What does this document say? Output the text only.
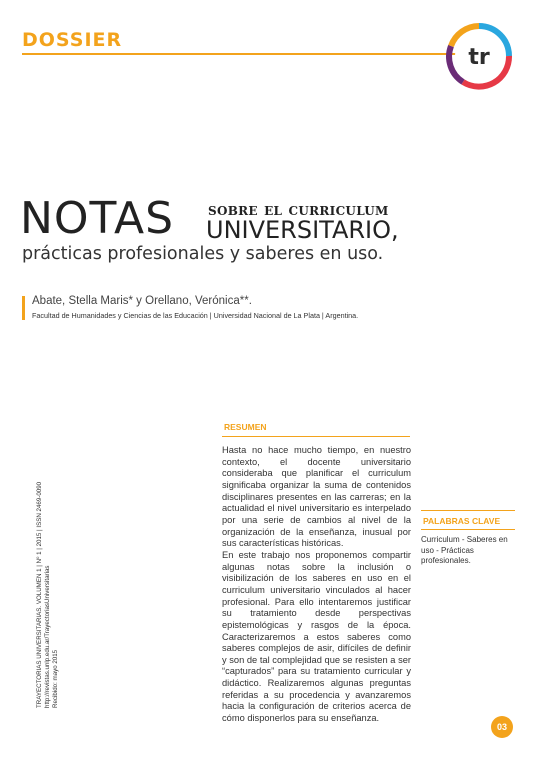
DOSSIER
tr
NOTAS sobre el curriculum
UNIVERSITARIO,
prácticas profesionales y saberes en uso.
Abate, Stella Maris* y Orellano, Verónica**.
Facultad de Humanidades y Ciencias de las Educación | Universidad Nacional de La Plata | Argentina.
TRAYECTORIAS UNIVERSITARIAS. VOLUMEN 1 | Nº 1 | 2015 | ISSN 2469-0090 http://revistas.unlp.edu.ar/TrayectoriasUniversitarias Recibido: mayo 2015
RESUMEN

Hasta no hace mucho tiempo, en nuestro contexto, el docente universitario consideraba que planificar el curriculum significaba organizar la suma de contenidos disciplinares presentes en las carreras; en la actualidad el nivel universitario es interpelado por una serie de cambios al nivel de la organización de la enseñanza, inusual por sus características históricas.

En este trabajo nos proponemos compartir algunas notas sobre la inclusión o visibilización de los saberes en uso en el curriculum universitario vinculados al hacer profesional. Para ello intentaremos justificar su tratamiento desde perspectivas epistemológicas y rasgos de la época. Caracterizaremos a estos saberes como saberes complejos de asir, difíciles de definir y son de tal complejidad que se resisten a ser “capturados” para su tratamiento curricular y didáctico. Realizaremos algunas preguntas referidas a su procedencia y avanzaremos hacia la configuración de criterios acerca de cómo disponerlos para su enseñanza.

PALABRAS CLAVE
Curriculum - Saberes en uso - Prácticas profesionales.
03
